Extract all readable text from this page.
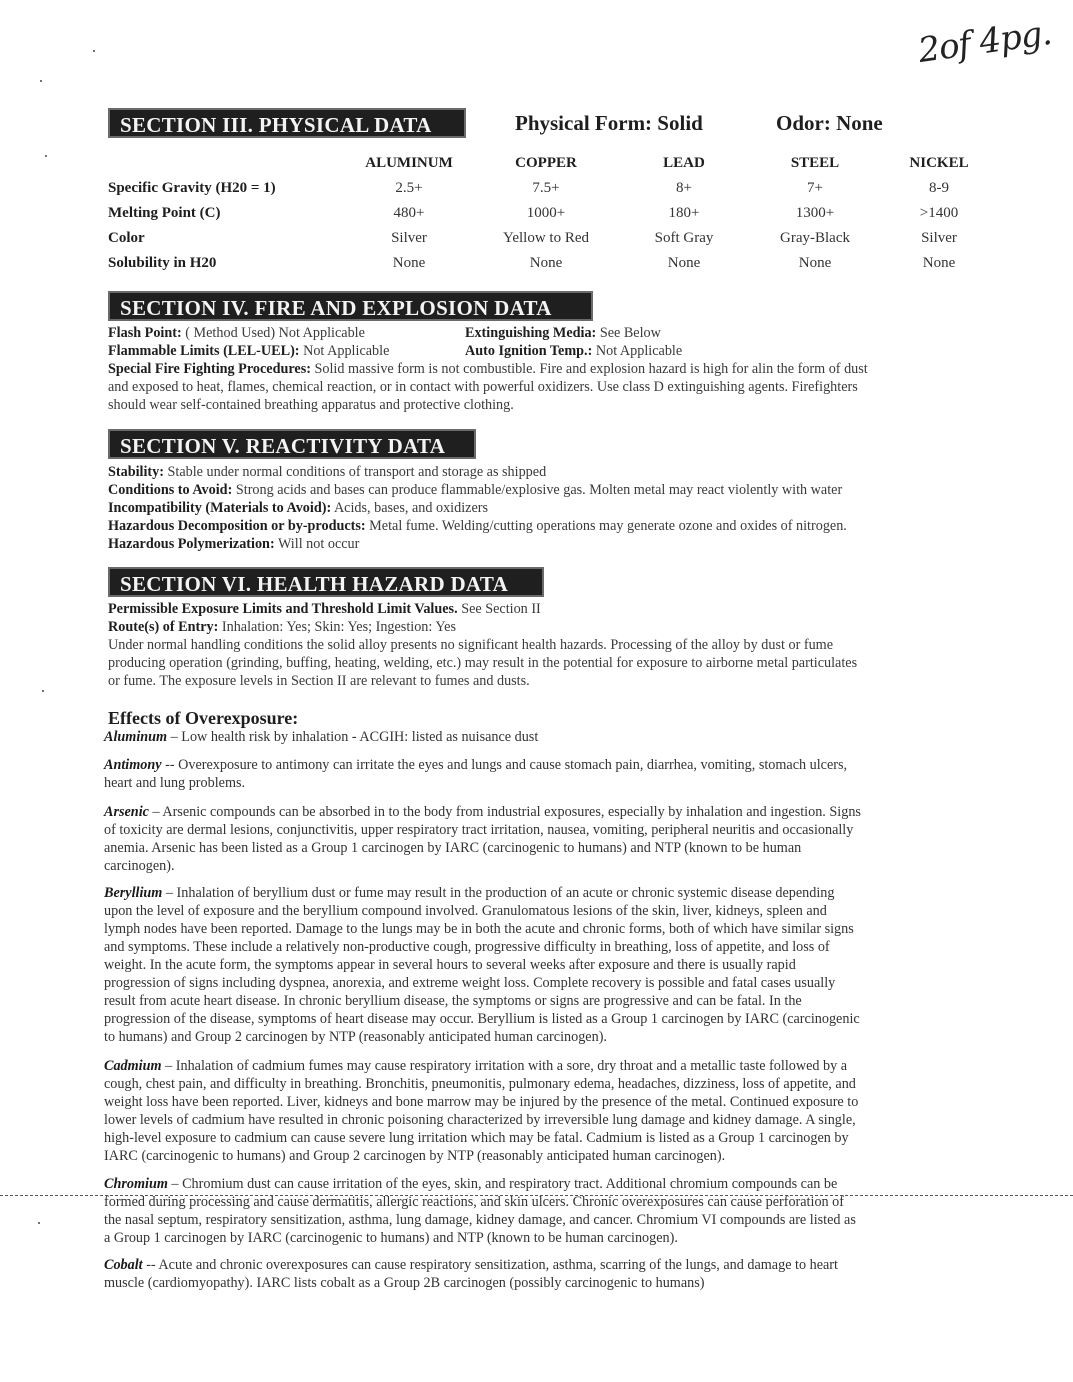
2of 4pg.
SECTION III. PHYSICAL DATA	Physical Form: Solid	Odor: None
	ALUMINUM	COPPER	LEAD	STEEL	NICKEL
Specific Gravity (H20 = 1)	2.5+	7.5+	8+	7+	8-9
Melting Point (C)	480+	1000+	180+	1300+	>1400
Color	Silver	Yellow to Red	Soft Gray	Gray-Black	Silver
Solubility in H20	None	None	None	None	None
SECTION IV. FIRE AND EXPLOSION DATA
Flash Point: ( Method Used) Not Applicable	Extinguishing Media: See Below
Flammable Limits (LEL-UEL): Not Applicable	Auto Ignition Temp.: Not Applicable
Special Fire Fighting Procedures: Solid massive form is not combustible. Fire and explosion hazard is high for alin the form of dust
and exposed to heat, flames, chemical reaction, or in contact with powerful oxidizers. Use class D extinguishing agents. Firefighters
should wear self-contained breathing apparatus and protective clothing.
SECTION V. REACTIVITY DATA
Stability: Stable under normal conditions of transport and storage as shipped
Conditions to Avoid: Strong acids and bases can produce flammable/explosive gas. Molten metal may react violently with water
Incompatibility (Materials to Avoid): Acids, bases, and oxidizers
Hazardous Decomposition or by-products: Metal fume. Welding/cutting operations may generate ozone and oxides of nitrogen.
Hazardous Polymerization: Will not occur
SECTION VI. HEALTH HAZARD DATA
Permissible Exposure Limits and Threshold Limit Values. See Section II
Route(s) of Entry: Inhalation: Yes; Skin: Yes; Ingestion: Yes
Under normal handling conditions the solid alloy presents no significant health hazards. Processing of the alloy by dust or fume
producing operation (grinding, buffing, heating, welding, etc.) may result in the potential for exposure to airborne metal particulates
or fume. The exposure levels in Section II are relevant to fumes and dusts.
Effects of Overexposure:
Aluminum – Low health risk by inhalation - ACGIH: listed as nuisance dust
Antimony -- Overexposure to antimony can irritate the eyes and lungs and cause stomach pain, diarrhea, vomiting, stomach ulcers,
heart and lung problems.
Arsenic – Arsenic compounds can be absorbed in to the body from industrial exposures, especially by inhalation and ingestion. Signs
of toxicity are dermal lesions, conjunctivitis, upper respiratory tract irritation, nausea, vomiting, peripheral neuritis and occasionally
anemia. Arsenic has been listed as a Group 1 carcinogen by IARC (carcinogenic to humans) and NTP (known to be human
carcinogen).
Beryllium – Inhalation of beryllium dust or fume may result in the production of an acute or chronic systemic disease depending
upon the level of exposure and the beryllium compound involved. Granulomatous lesions of the skin, liver, kidneys, spleen and
lymph nodes have been reported. Damage to the lungs may be in both the acute and chronic forms, both of which have similar signs
and symptoms. These include a relatively non-productive cough, progressive difficulty in breathing, loss of appetite, and loss of
weight. In the acute form, the symptoms appear in several hours to several weeks after exposure and there is usually rapid
progression of signs including dyspnea, anorexia, and extreme weight loss. Complete recovery is possible and fatal cases usually
result from acute heart disease. In chronic beryllium disease, the symptoms or signs are progressive and can be fatal. In the
progression of the disease, symptoms of heart disease may occur. Beryllium is listed as a Group 1 carcinogen by IARC (carcinogenic
to humans) and Group 2 carcinogen by NTP (reasonably anticipated human carcinogen).
Cadmium – Inhalation of cadmium fumes may cause respiratory irritation with a sore, dry throat and a metallic taste followed by a
cough, chest pain, and difficulty in breathing. Bronchitis, pneumonitis, pulmonary edema, headaches, dizziness, loss of appetite, and
weight loss have been reported. Liver, kidneys and bone marrow may be injured by the presence of the metal. Continued exposure to
lower levels of cadmium have resulted in chronic poisoning characterized by irreversible lung damage and kidney damage. A single,
high-level exposure to cadmium can cause severe lung irritation which may be fatal. Cadmium is listed as a Group 1 carcinogen by
IARC (carcinogenic to humans) and Group 2 carcinogen by NTP (reasonably anticipated human carcinogen).
Chromium – Chromium dust can cause irritation of the eyes, skin, and respiratory tract. Additional chromium compounds can be
formed during processing and cause dermatitis, allergic reactions, and skin ulcers. Chronic overexposures can cause perforation of
the nasal septum, respiratory sensitization, asthma, lung damage, kidney damage, and cancer. Chromium VI compounds are listed as
a Group 1 carcinogen by IARC (carcinogenic to humans) and NTP (known to be human carcinogen).
Cobalt -- Acute and chronic overexposures can cause respiratory sensitization, asthma, scarring of the lungs, and damage to heart
muscle (cardiomyopathy). IARC lists cobalt as a Group 2B carcinogen (possibly carcinogenic to humans)
